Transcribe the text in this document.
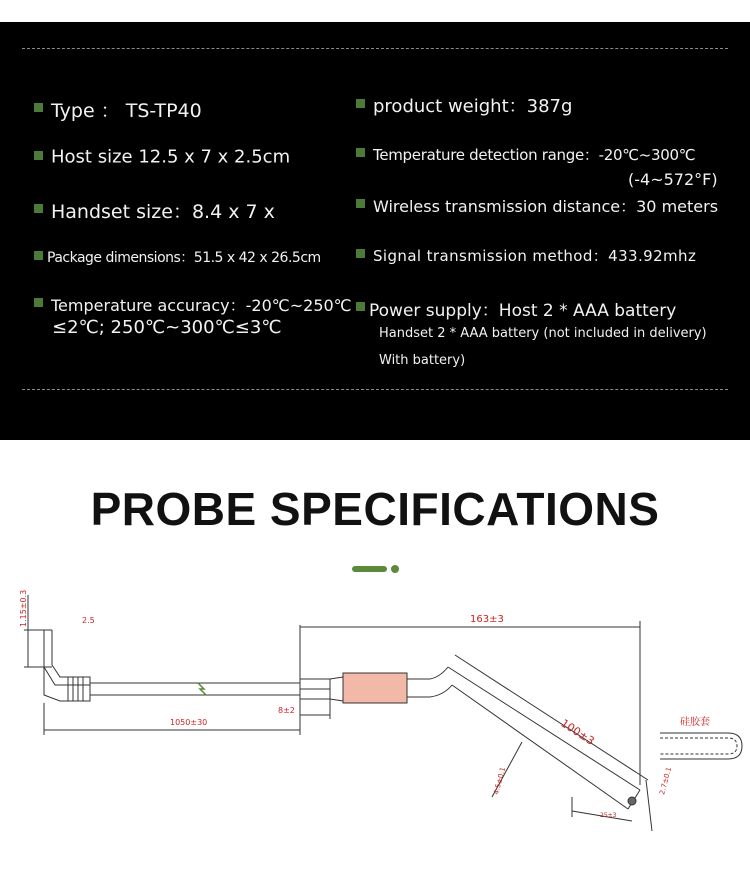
Type ： TS-TP40
Host size 12.5 x 7 x 2.5cm
Handset size：8.4 x 7 x
Package dimensions：51.5 x 42 x 26.5cm
Temperature accuracy：-20℃~250℃
≤2℃; 250℃~300℃≤3℃
product weight：387g
Temperature detection range：-20℃~300℃
(-4~572°F)
Wireless transmission distance：30 meters
Signal transmission method：433.92mhz
Power supply：Host 2 * AAA battery
Handset 2 * AAA battery (not included in delivery)
With battery)
PROBE SPECIFICATIONS
1.15±0.3	2.5
1050±30
8±2
163±3
100±3
4.5±0.1	2.7±0.1
25±3
硅胶套
